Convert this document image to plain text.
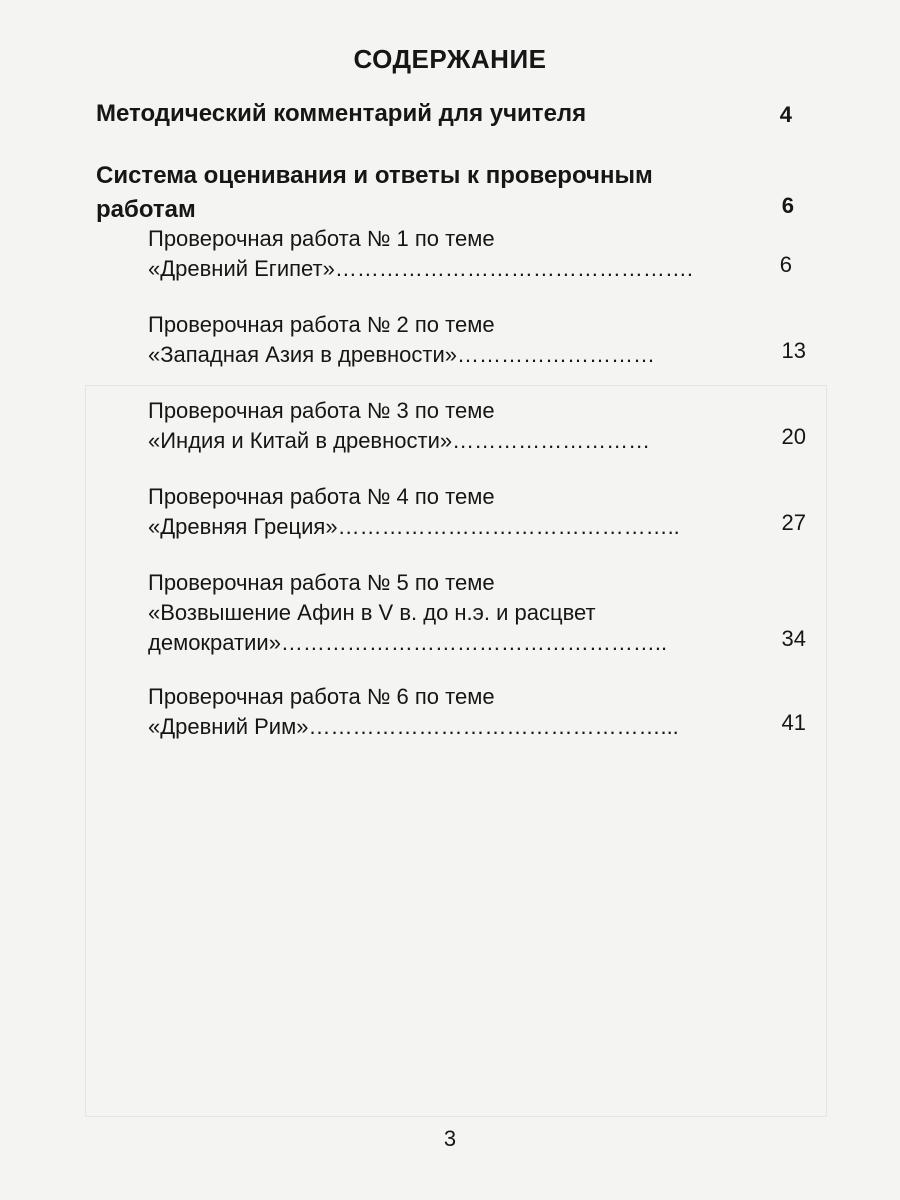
СОДЕРЖАНИЕ
Методический комментарий для учителя	4
Система оценивания и ответы к проверочным
работам	6
Проверочная работа № 1 по теме
«Древний Египет»………………………………………….	6
Проверочная работа № 2 по теме
«Западная Азия в древности»………………………	13
Проверочная работа № 3 по теме
«Индия и Китай в древности»………………………	20
Проверочная работа № 4 по теме
«Древняя Греция»………………………………………..	27
Проверочная работа № 5 по теме
«Возвышение Афин в V в. до н.э. и расцвет
демократии»……………………………………………..	34
Проверочная работа № 6 по теме
«Древний Рим»…………………………………………...	41
3
